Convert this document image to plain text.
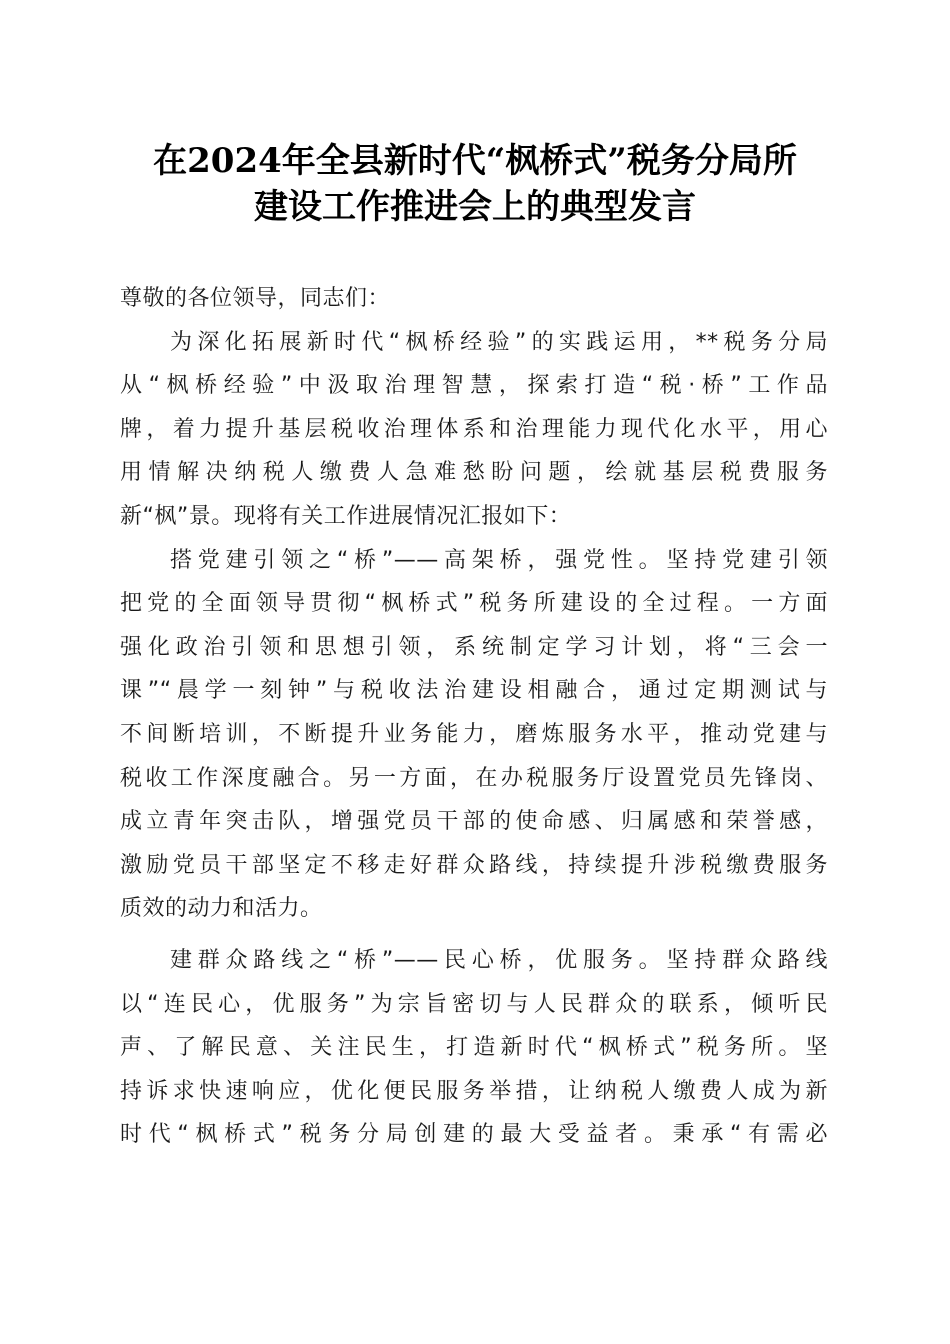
在2024年全县新时代“枫桥式”税务分局所
建设工作推进会上的典型发言
尊敬的各位领导，同志们：
为深化拓展新时代“枫桥经验”的实践运用，**税务分局
从“枫桥经验”中汲取治理智慧，探索打造“税·桥”工作品
牌，着力提升基层税收治理体系和治理能力现代化水平，用心
用情解决纳税人缴费人急难愁盼问题，绘就基层税费服务
新“枫”景。现将有关工作进展情况汇报如下：
搭党建引领之“桥”——高架桥，强党性。坚持党建引领
把党的全面领导贯彻“枫桥式”税务所建设的全过程。一方面
强化政治引领和思想引领，系统制定学习计划，将“三会一
课”“晨学一刻钟”与税收法治建设相融合，通过定期测试与
不间断培训，不断提升业务能力，磨炼服务水平，推动党建与
税收工作深度融合。另一方面，在办税服务厅设置党员先锋岗、
成立青年突击队，增强党员干部的使命感、归属感和荣誉感，
激励党员干部坚定不移走好群众路线，持续提升涉税缴费服务
质效的动力和活力。
建群众路线之“桥”——民心桥，优服务。坚持群众路线
以“连民心，优服务”为宗旨密切与人民群众的联系，倾听民
声、了解民意、关注民生，打造新时代“枫桥式”税务所。坚
持诉求快速响应，优化便民服务举措，让纳税人缴费人成为新
时代“枫桥式”税务分局创建的最大受益者。秉承“有需必
